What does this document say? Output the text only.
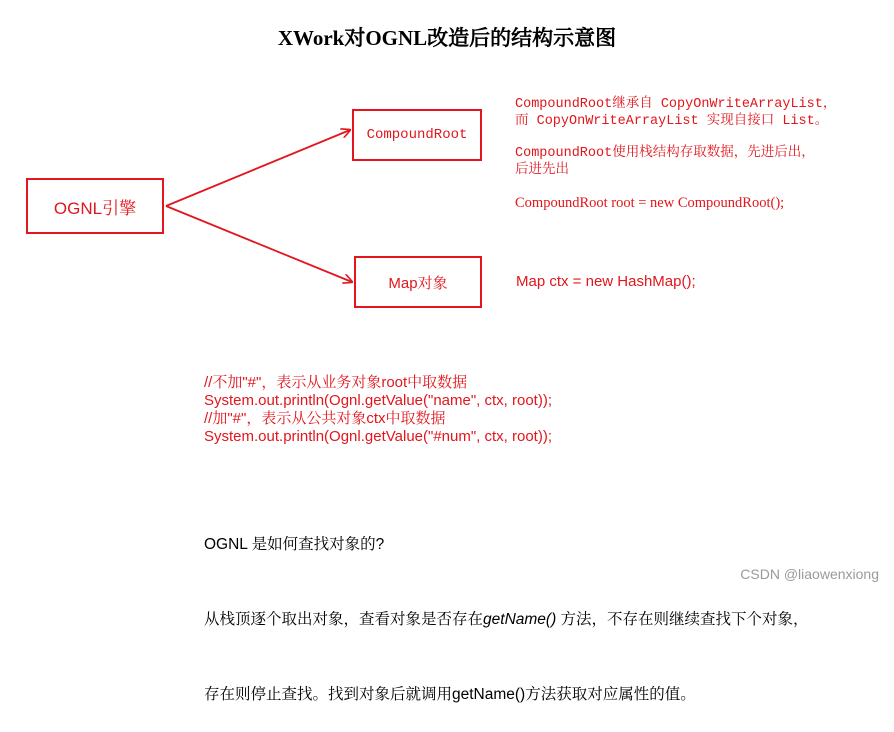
XWork对OGNL改造后的结构示意图
OGNL引擎
CompoundRoot
Map对象
CompoundRoot继承自 CopyOnWriteArrayList，
而 CopyOnWriteArrayList 实现自接口 List。
CompoundRoot使用栈结构存取数据，先进后出，
后进先出
CompoundRoot root = new CompoundRoot();
Map ctx = new HashMap();
//不加"#"，表示从业务对象root中取数据
System.out.println(Ognl.getValue("name", ctx, root));
//加"#"，表示从公共对象ctx中取数据
System.out.println(Ognl.getValue("#num", ctx, root));

OGNL 是如何查找对象的?

从栈顶逐个取出对象，查看对象是否存在getName() 方法，不存在则继续查找下个对象，

存在则停止查找。找到对象后就调用getName()方法获取对应属性的值。

CSDN @liaowenxiong
